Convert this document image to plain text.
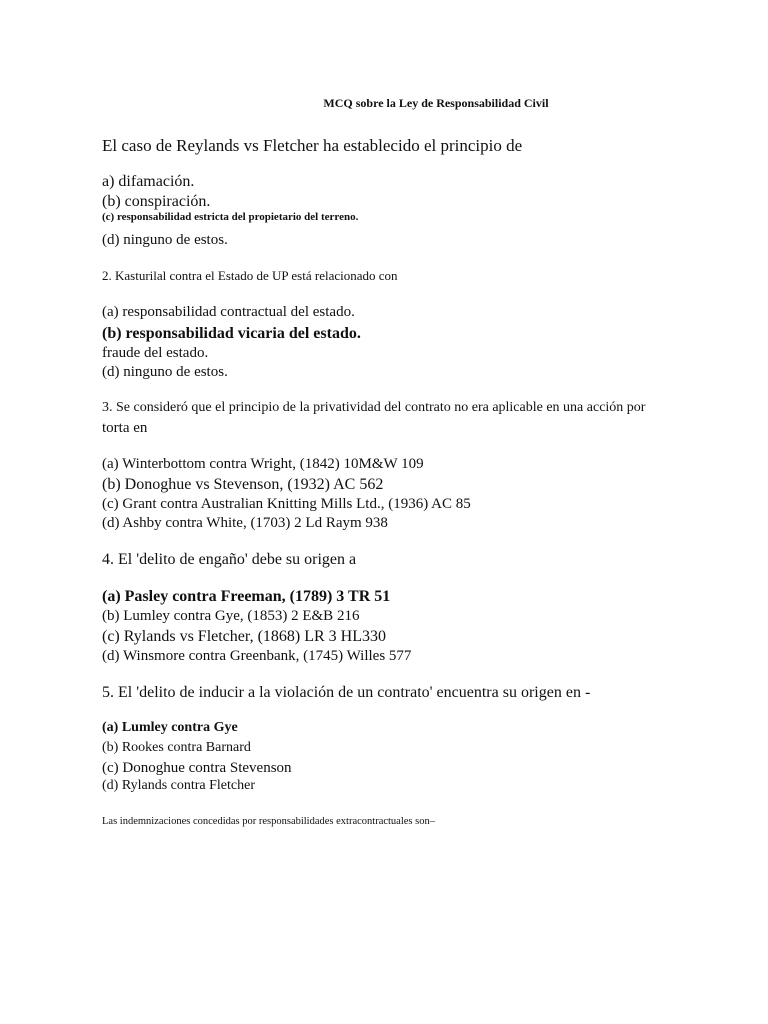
MCQ sobre la Ley de Responsabilidad Civil
El caso de Reylands vs Fletcher ha establecido el principio de
a) difamación.
(b) conspiración.
(c) responsabilidad estricta del propietario del terreno.
(d) ninguno de estos.
2. Kasturilal contra el Estado de UP está relacionado con
(a) responsabilidad contractual del estado.
(b) responsabilidad vicaria del estado.
fraude del estado.
(d) ninguno de estos.
3. Se consideró que el principio de la privatividad del contrato no era aplicable en una acción por
torta en
(a) Winterbottom contra Wright, (1842) 10M&W 109
(b) Donoghue vs Stevenson, (1932) AC 562
(c) Grant contra Australian Knitting Mills Ltd., (1936) AC 85
(d) Ashby contra White, (1703) 2 Ld Raym 938
4. El 'delito de engaño' debe su origen a
(a) Pasley contra Freeman, (1789) 3 TR 51
(b) Lumley contra Gye, (1853) 2 E&B 216
(c) Rylands vs Fletcher, (1868) LR 3 HL330
(d) Winsmore contra Greenbank, (1745) Willes 577
5. El 'delito de inducir a la violación de un contrato' encuentra su origen en -
(a) Lumley contra Gye
(b) Rookes contra Barnard
(c) Donoghue contra Stevenson
(d) Rylands contra Fletcher
Las indemnizaciones concedidas por responsabilidades extracontractuales son–
